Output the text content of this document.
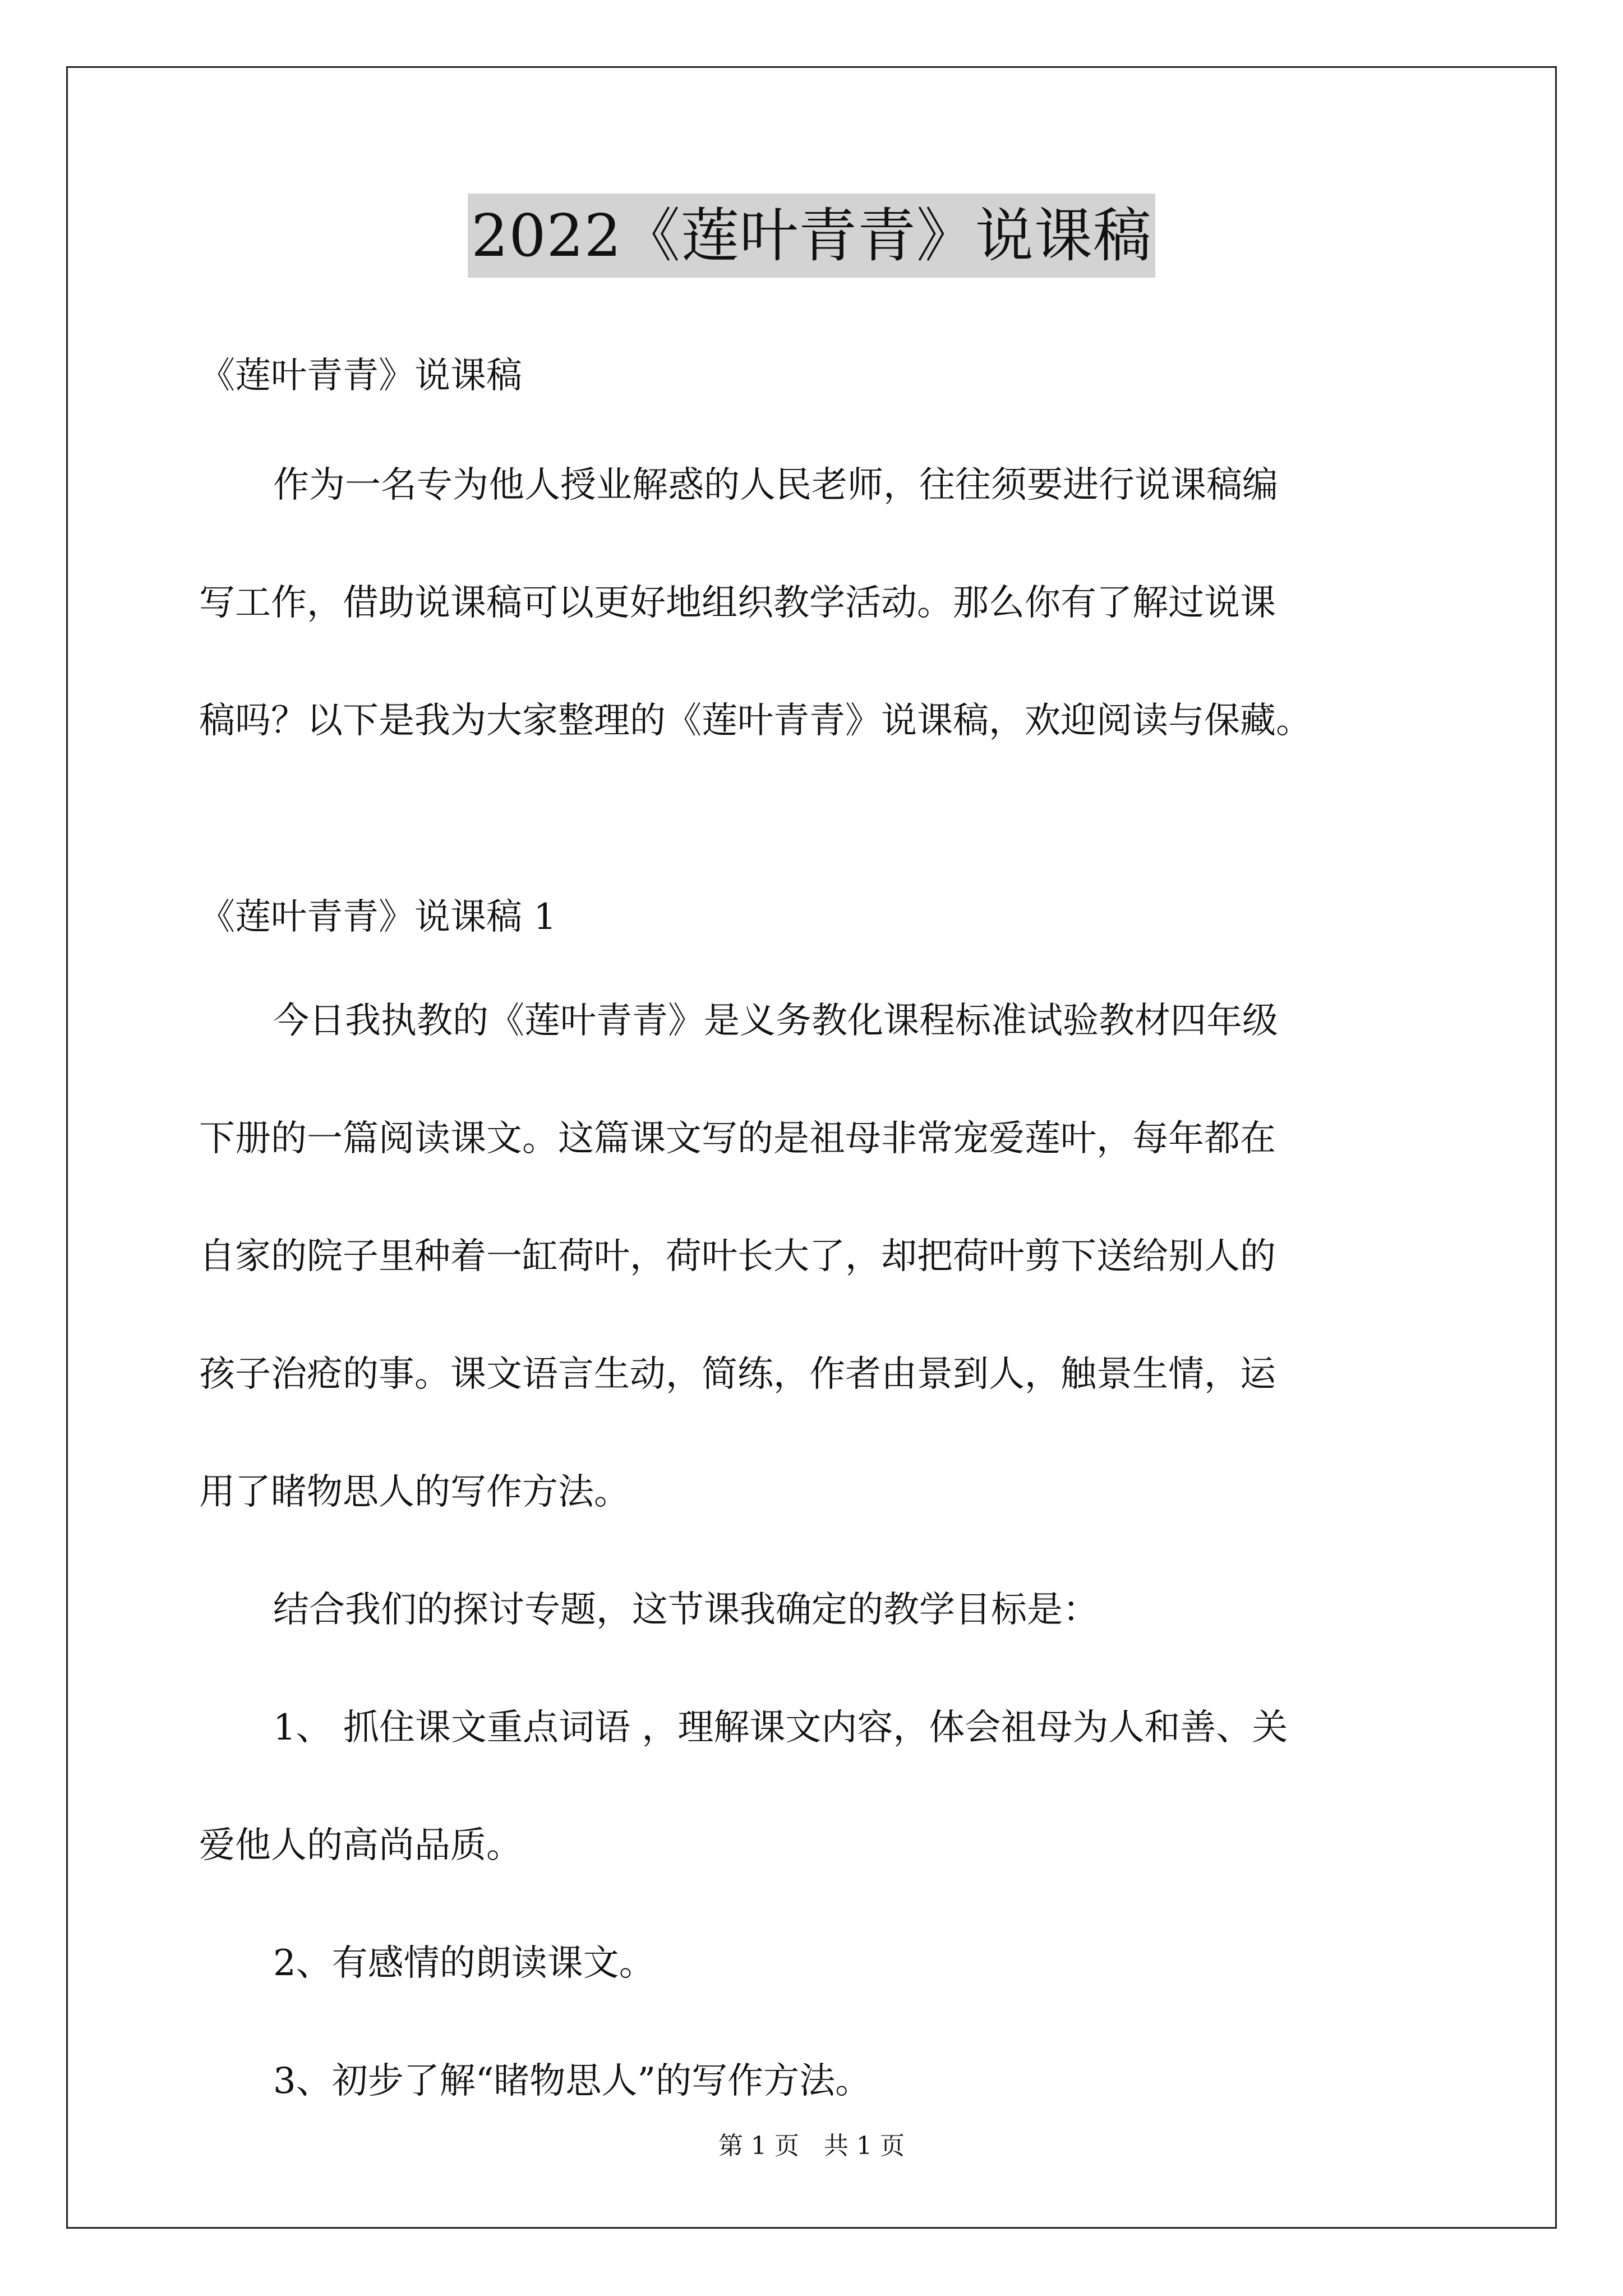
2022《莲叶青青》说课稿

《莲叶青青》说课稿

作为一名专为他人授业解惑的人民老师，往往须要进行说课稿编
写工作，借助说课稿可以更好地组织教学活动。那么你有了解过说课
稿吗？以下是我为大家整理的《莲叶青青》说课稿，欢迎阅读与保藏。

《莲叶青青》说课稿 1

今日我执教的《莲叶青青》是义务教化课程标准试验教材四年级
下册的一篇阅读课文。这篇课文写的是祖母非常宠爱莲叶，每年都在
自家的院子里种着一缸荷叶，荷叶长大了，却把荷叶剪下送给别人的
孩子治疮的事。课文语言生动，简练，作者由景到人，触景生情，运
用了睹物思人的写作方法。
结合我们的探讨专题，这节课我确定的教学目标是：
1、 抓住课文重点词语 ，理解课文内容，体会祖母为人和善、关
爱他人的高尚品质。
2、有感情的朗读课文。
3、初步了解“睹物思人”的写作方法。
第 1 页　共 1 页
